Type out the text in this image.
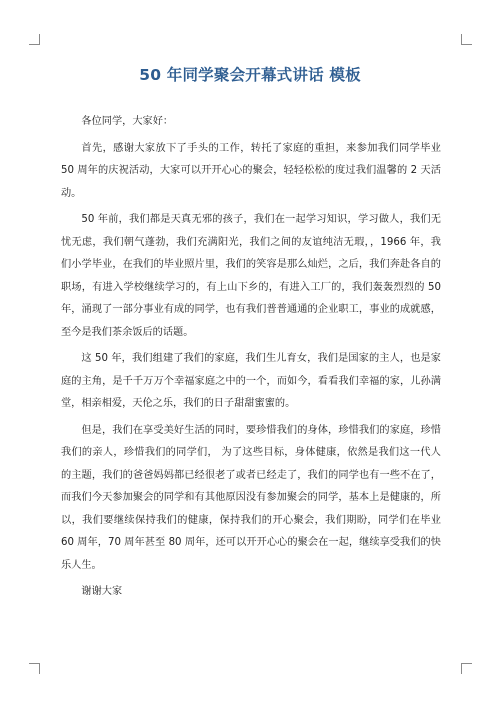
50 年同学聚会开幕式讲话 模板

各位同学，大家好：

首先，感谢大家放下了手头的工作，转托了家庭的重担，来参加我们同学毕业 50 周年的庆祝活动，大家可以开开心心的聚会，轻轻松松的度过我们温馨的 2 天活动。

50 年前，我们都是天真无邪的孩子，我们在一起学习知识，学习做人，我们无忧无虑，我们朝气蓬勃，我们充满阳光，我们之间的友谊纯洁无瑕，，1966 年，我们小学毕业，在我们的毕业照片里，我们的笑容是那么灿烂，之后，我们奔赴各自的职场，有进入学校继续学习的，有上山下乡的，有进入工厂的，我们轰轰烈烈的 50 年，涌现了一部分事业有成的同学，也有我们普普通通的企业职工，事业的成就感，至今是我们茶余饭后的话题。

这 50 年，我们组建了我们的家庭，我们生儿育女，我们是国家的主人，也是家庭的主角，是千千万万个幸福家庭之中的一个，而如今，看看我们幸福的家，儿孙满堂，相亲相爱，天伦之乐，我们的日子甜甜蜜蜜的。

但是，我们在享受美好生活的同时，要珍惜我们的身体，珍惜我们的家庭，珍惜我们的亲人，珍惜我们的同学们， 为了这些目标，身体健康，依然是我们这一代人的主题，我们的爸爸妈妈都已经很老了或者已经走了，我们的同学也有一些不在了，而我们今天参加聚会的同学和有其他原因没有参加聚会的同学，基本上是健康的，所以，我们要继续保持我们的健康，保持我们的开心聚会，我们期盼，同学们在毕业 60 周年，70 周年甚至 80 周年，还可以开开心心的聚会在一起，继续享受我们的快乐人生。

谢谢大家
